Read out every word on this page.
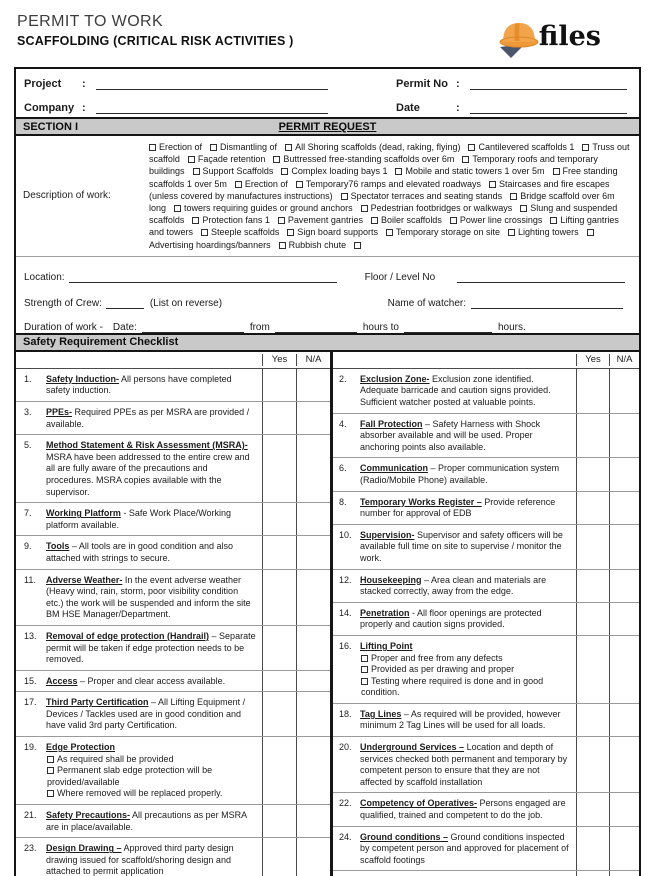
PERMIT TO WORK
SCAFFOLDING (CRITICAL RISK ACTIVITIES )	files
Project	:	Permit No :
Company :	Date	:
SECTION I	PERMIT REQUEST
Description of work:
Erection of Dismantling of All Shoring scaffolds (dead, raking, flying) Cantilevered scaffolds 1 Truss out scaffold Façade retention Buttressed free-standing scaffolds over 6m Temporary roofs and temporary buildings Support Scaffolds Complex loading bays 1 Mobile and static towers 1 over 5m Free standing scaffolds 1 over 5m Erection of Temporary76 ramps and elevated roadways Staircases and fire escapes (unless covered by manufactures instructions) Spectator terraces and seating stands Bridge scaffold over 6m long towers requiring guides or ground anchors Pedestrian footbridges or walkways Slung and suspended scaffolds Protection fans 1 Pavement gantries Boiler scaffolds Power line crossings Lifting gantries and towers Steeple scaffolds Sign board supports Temporary storage on site Lighting towersAdvertising hoardings/banners Rubbish chute
Location:	Floor / Level No
Strength of Crew:	(List on reverse)	Name of watcher:
Duration of work - Date:	from	hours to	hours.
Safety Requirement Checklist
Yes	N/A
1.	Safety Induction- All persons have completed safety induction.
3.	PPEs- Required PPEs as per MSRA are provided / available.
5.	Method Statement & Risk Assessment (MSRA)- MSRA have been addressed to the entire crew and all are fully aware of the precautions and procedures. MSRA copies available with the supervisor.
7.	Working Platform - Safe Work Place/Working platform available.
9.	Tools – All tools are in good condition and also attached with strings to secure.
11.	Adverse Weather- In the event adverse weather (Heavy wind, rain, storm, poor visibility condition etc.) the work will be suspended and inform the site BM HSE Manager/Department.
13.	Removal of edge protection (Handrail) – Separate permit will be taken if edge protection needs to be removed.
15.	Access – Proper and clear access available.
17.	Third Party Certification – All Lifting Equipment / Devices / Tackles used are in good condition and have valid 3rd party Certification.
19.	Edge Protection
As required shall be provided
Permanent slab edge protection will be provided/available
Where removed will be replaced properly.
21.	Safety Precautions- All precautions as per MSRA are in place/available.
23.	Design Drawing – Approved third party design drawing issued for scaffold/shoring design and attached to permit application
Yes	N/A
2.	Exclusion Zone- Exclusion zone identified. Adequate barricade and caution signs provided. Sufficient watcher posted at valuable points.
4.	Fall Protection – Safety Harness with Shock absorber available and will be used. Proper anchoring points also available.
6.	Communication – Proper communication system (Radio/Mobile Phone) available.
8.	Temporary Works Register – Provide reference number for approval of EDB
10. Supervision- Supervisor and safety officers will be available full time on site to supervise / monitor the work.
12. Housekeeping – Area clean and materials are stacked correctly, away from the edge.
14. Penetration - All floor openings are protected properly and caution signs provided.
16. Lifting Point
Proper and free from any defects
Provided as per drawing and proper
Testing where required is done and in good condition.
18. Tag Lines – As required will be provided, however minimum 2 Tag Lines will be used for all loads.
20. Underground Services – Location and depth of services checked both permanent and temporary by competent person to ensure that they are not affected by scaffold installation
22. Competency of Operatives- Persons engaged are qualified, trained and competent to do the job.
24. Ground conditions – Ground conditions inspected by competent person and approved for placement of scaffold footings
